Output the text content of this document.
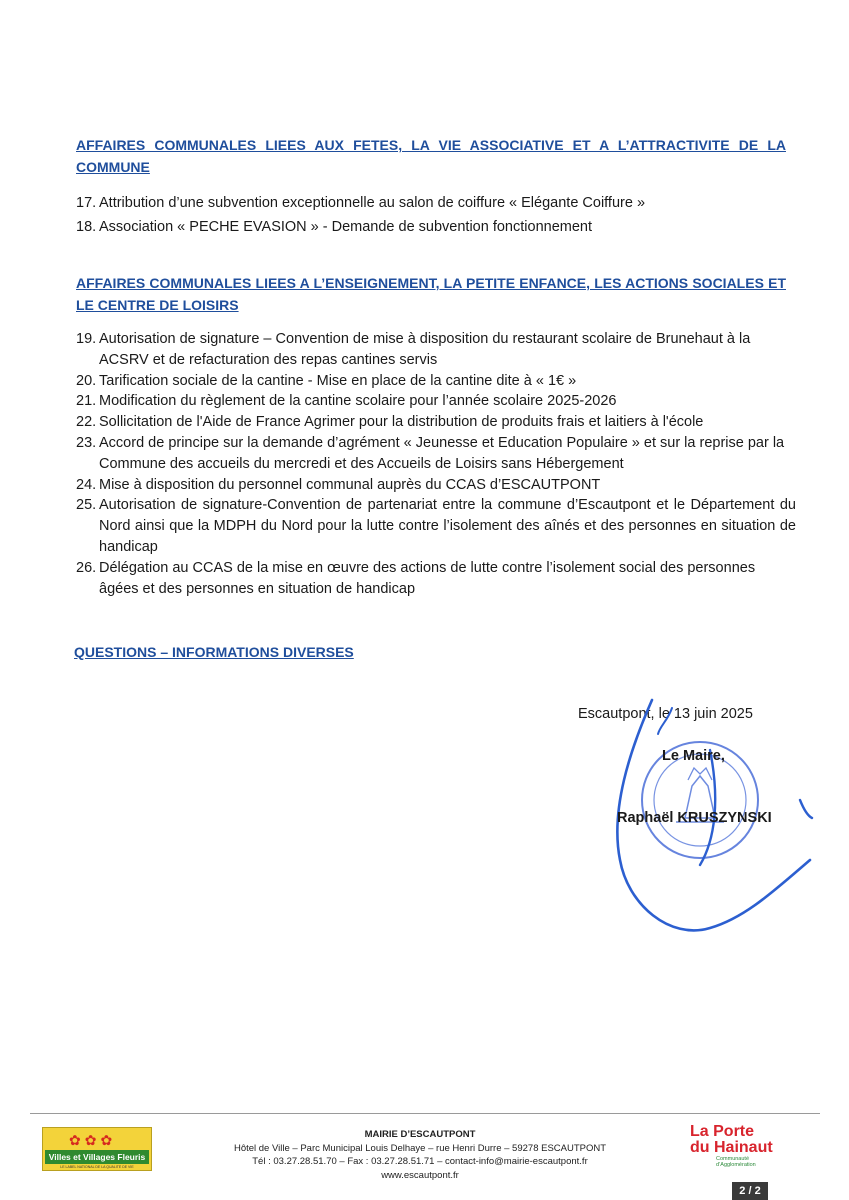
AFFAIRES COMMUNALES LIEES AUX FETES, LA VIE ASSOCIATIVE ET A L’ATTRACTIVITE DE LA COMMUNE
17. Attribution d’une subvention exceptionnelle au salon de coiffure « Elégante Coiffure »
18. Association « PECHE EVASION » - Demande de subvention fonctionnement
AFFAIRES COMMUNALES LIEES A L’ENSEIGNEMENT, LA PETITE ENFANCE, LES ACTIONS SOCIALES ET LE CENTRE DE LOISIRS
19. Autorisation de signature – Convention de mise à disposition du restaurant scolaire de Brunehaut à la ACSRV et de refacturation des repas cantines servis
20. Tarification sociale de la cantine - Mise en place de la cantine dite à « 1€ »
21. Modification du règlement de la cantine scolaire pour l’année scolaire 2025-2026
22. Sollicitation de l'Aide de France Agrimer pour la distribution de produits frais et laitiers à l'école
23. Accord de principe sur la demande d’agrément « Jeunesse et Education Populaire » et sur la reprise par la Commune des accueils du mercredi et des Accueils de Loisirs sans Hébergement
24. Mise à disposition du personnel communal auprès du CCAS d’ESCAUTPONT
25. Autorisation de signature-Convention de partenariat entre la commune d’Escautpont et le Département du Nord ainsi que la MDPH du Nord pour la lutte contre l’isolement des aînés et des personnes en situation de handicap
26. Délégation au CCAS de la mise en œuvre des actions de lutte contre l’isolement social des personnes âgées et des personnes en situation de handicap
QUESTIONS – INFORMATIONS DIVERSES
Escautpont, le 13 juin 2025
Le Maire,
Raphaël KRUSZYNSKI
✿✿✿
Villes et Villages Fleuris
LE LABEL NATIONAL DE LA QUALITÉ DE VIE
MAIRIE D’ESCAUTPONT
Hôtel de Ville – Parc Municipal Louis Delhaye – rue Henri Durre – 59278 ESCAUTPONT
Tél : 03.27.28.51.70 – Fax : 03.27.28.51.71 – contact-info@mairie-escautpont.fr
www.escautpont.fr
La Porte
du Hainaut
Communauté d’Agglomération
2 / 2
